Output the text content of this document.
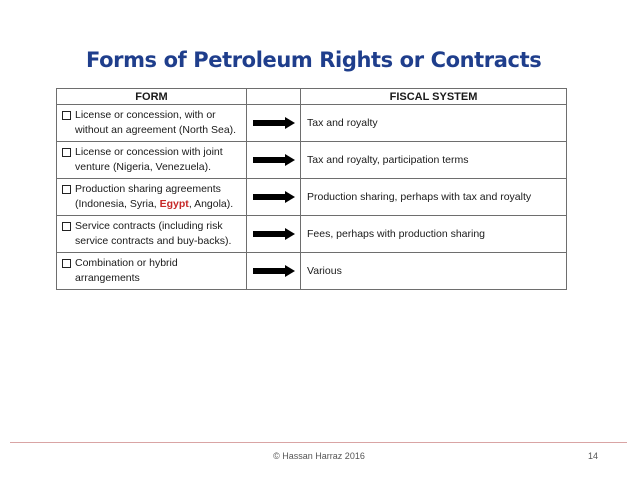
Forms of Petroleum Rights or Contracts
FORM		FISCAL SYSTEM

License or concession, with or
without an agreement (North Sea).		Tax and royalty

License or concession with joint
venture (Nigeria, Venezuela).		Tax and royalty, participation terms

Production sharing agreements
(Indonesia, Syria, Egypt, Angola).		Production sharing, perhaps with tax and royalty

Service contracts (including risk
service contracts and buy-backs).		Fees, perhaps with production sharing

Combination or hybrid
arrangements		Various
© Hassan Harraz 2016	14
